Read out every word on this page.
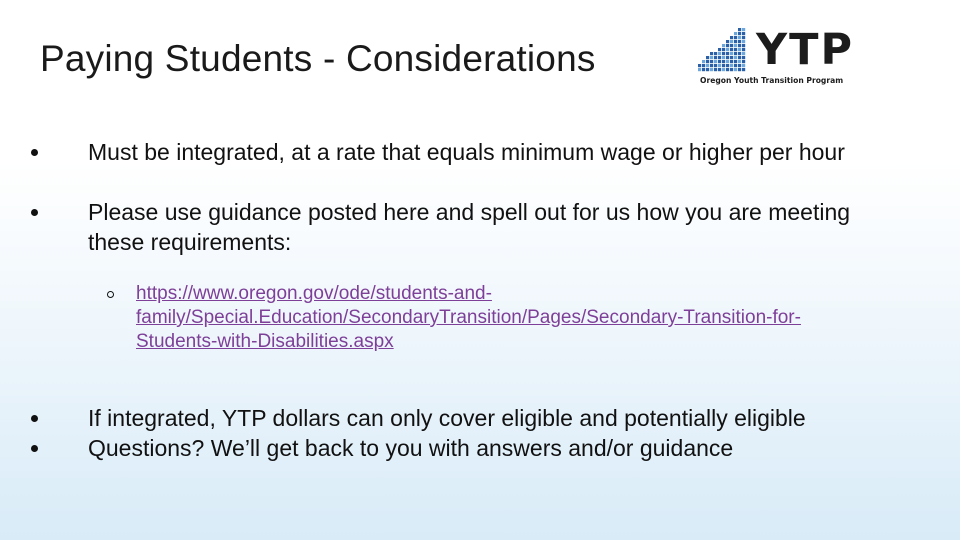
Paying Students - Considerations	YTP
Oregon Youth Transition Program
Must be integrated, at a rate that equals minimum wage or higher per hour
Please use guidance posted here and spell out for us how you are meeting these requirements:
https://www.oregon.gov/ode/students-and-
family/Special.Education/SecondaryTransition/Pages/Secondary-Transition-for-
Students-with-Disabilities.aspx
If integrated, YTP dollars can only cover eligible and potentially eligible
Questions? We’ll get back to you with answers and/or guidance
